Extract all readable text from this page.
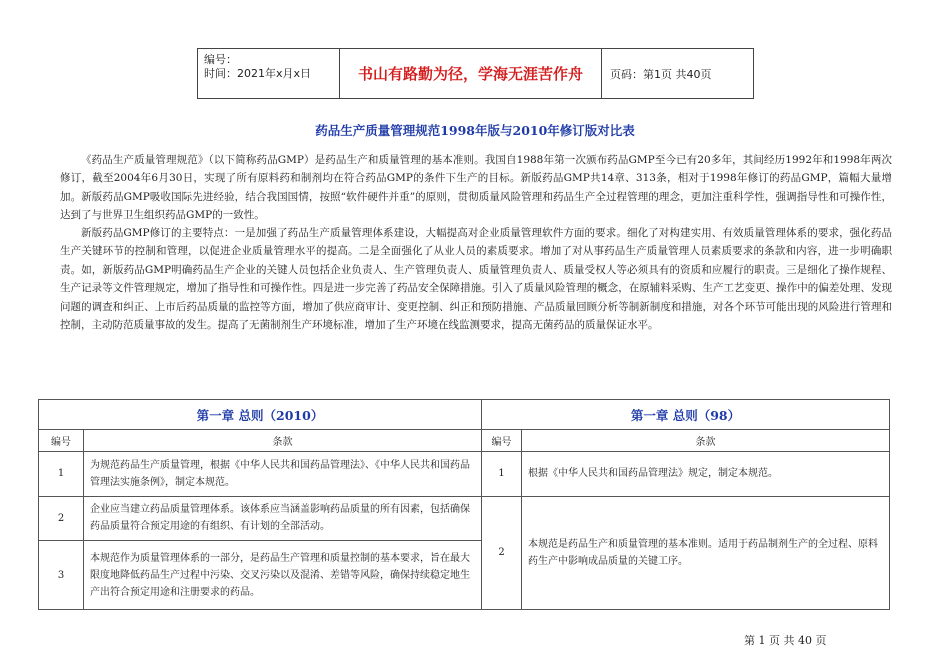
编号：
时间：2021年x月x日	书山有路勤为径，学海无涯苦作舟	页码：第1页 共40页
药品生产质量管理规范1998年版与2010年修订版对比表

《药品生产质量管理规范》（以下简称药品GMP）是药品生产和质量管理的基本准则。我国自1988年第一次颁布药品GMP至今已有20多年，其间经历1992年和1998年两次修订，截至2004年6月30日，实现了所有原料药和制剂均在符合药品GMP的条件下生产的目标。新版药品GMP共14章、313条，相对于1998年修订的药品GMP，篇幅大量增加。新版药品GMP吸收国际先进经验，结合我国国情，按照“软件硬件并重”的原则，贯彻质量风险管理和药品生产全过程管理的理念，更加注重科学性，强调指导性和可操作性，达到了与世界卫生组织药品GMP的一致性。

新版药品GMP修订的主要特点：一是加强了药品生产质量管理体系建设，大幅提高对企业质量管理软件方面的要求。细化了对构建实用、有效质量管理体系的要求，强化药品生产关键环节的控制和管理，以促进企业质量管理水平的提高。二是全面强化了从业人员的素质要求。增加了对从事药品生产质量管理人员素质要求的条款和内容，进一步明确职责。如，新版药品GMP明确药品生产企业的关键人员包括企业负责人、生产管理负责人、质量管理负责人、质量受权人等必须具有的资质和应履行的职责。三是细化了操作规程、生产记录等文件管理规定，增加了指导性和可操作性。四是进一步完善了药品安全保障措施。引入了质量风险管理的概念，在原辅料采购、生产工艺变更、操作中的偏差处理、发现问题的调查和纠正、上市后药品质量的监控等方面，增加了供应商审计、变更控制、纠正和预防措施、产品质量回顾分析等制新制度和措施，对各个环节可能出现的风险进行管理和控制，主动防范质量事故的发生。提高了无菌制剂生产环境标准，增加了生产环境在线监测要求，提高无菌药品的质量保证水平。

第一章 总则（2010）		第一章 总则（98）	
编号	条款	编号	条款
1	为规范药品生产质量管理，根据《中华人民共和国药品管理法》、《中华人民共和国药品管理法实施条例》，制定本规范。	1	根据《中华人民共和国药品管理法》规定，制定本规范。
2	企业应当建立药品质量管理体系。该体系应当涵盖影响药品质量的所有因素，包括确保药品质量符合预定用途的有组织、有计划的全部活动。	2	本规范是药品生产和质量管理的基本准则。适用于药品制剂生产的全过程、原料药生产中影响成品质量的关键工序。
3	本规范作为质量管理体系的一部分，是药品生产管理和质量控制的基本要求，旨在最大限度地降低药品生产过程中污染、交叉污染以及混淆、差错等风险，确保持续稳定地生产出符合预定用途和注册要求的药品。		
第 1 页 共 40 页
